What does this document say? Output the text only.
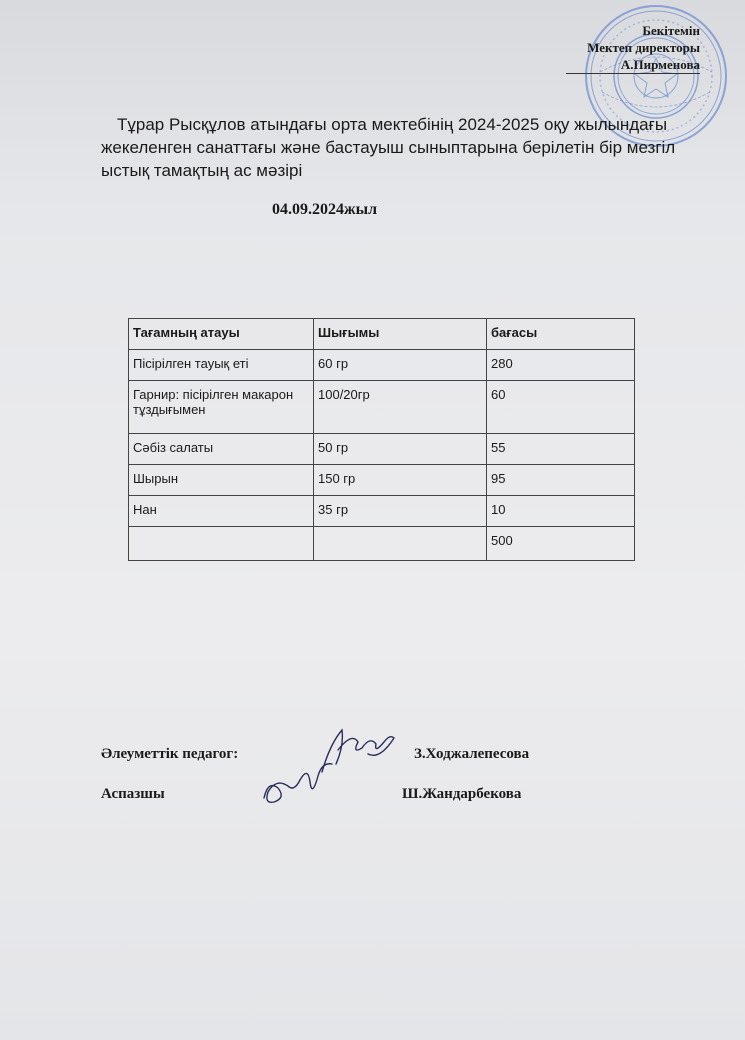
Бекітемін
Мектеп директоры
А.Пирменова
Тұрар Рысқұлов атындағы орта мектебінің 2024-2025 оқу жылындағы
жекеленген санаттағы және бастауыш сыныптарына берілетін бір мезгіл
ыстық тамақтың ас мәзірі
04.09.2024жыл
Тағамның атауы	Шығымы	бағасы
Пісірілген тауық еті	60 гр	280
Гарнир: пісірілген макарон тұздығымен	100/20гр	60
Сәбіз салаты	50 гр	55
Шырын	150 гр	95
Нан	35 гр	10
		500
Әлеуметтік педагог:	З.Ходжалепесова
Аспазшы	Ш.Жандарбекова
